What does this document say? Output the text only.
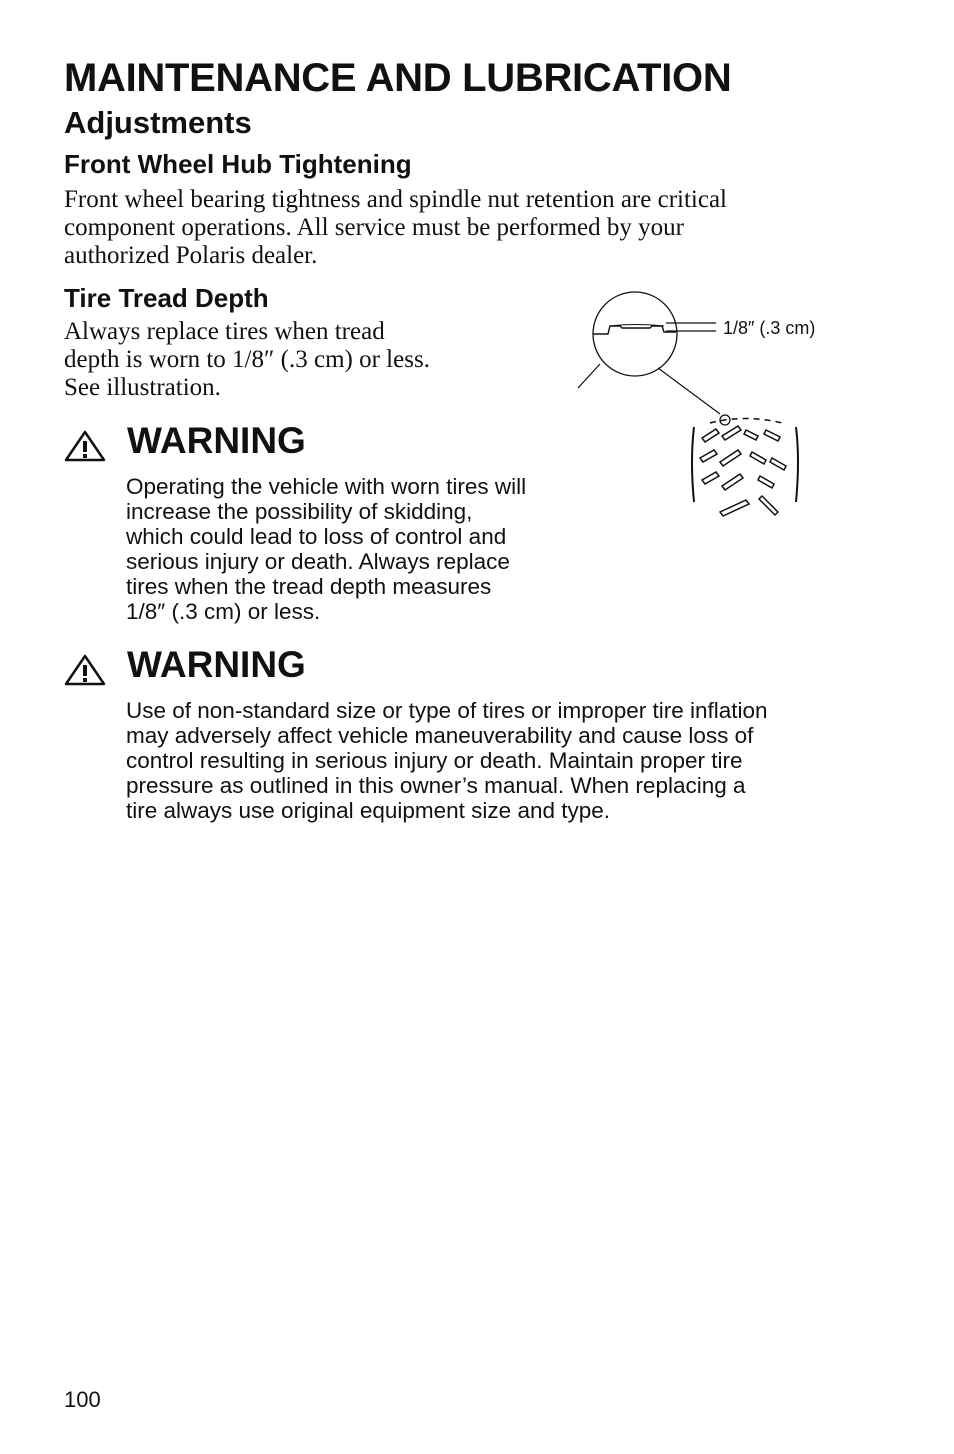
MAINTENANCE AND LUBRICATION
Adjustments
Front Wheel Hub Tightening
Front wheel bearing tightness and spindle nut retention are critical
component operations. All service must be performed by your
authorized Polaris dealer.
Tire Tread Depth
Always replace tires when tread
depth is worn to 1/8″ (.3 cm) or less.
See illustration.
1/8″ (.3 cm)
WARNING
Operating the vehicle with worn tires will
increase the possibility of skidding,
which could lead to loss of control and
serious injury or death. Always replace
tires when the tread depth measures
1/8″ (.3 cm) or less.
WARNING
Use of non-standard size or type of tires or improper tire inflation
may adversely affect vehicle maneuverability and cause loss of
control resulting in serious injury or death. Maintain proper tire
pressure as outlined in this owner’s manual. When replacing a
tire always use original equipment size and type.
100
